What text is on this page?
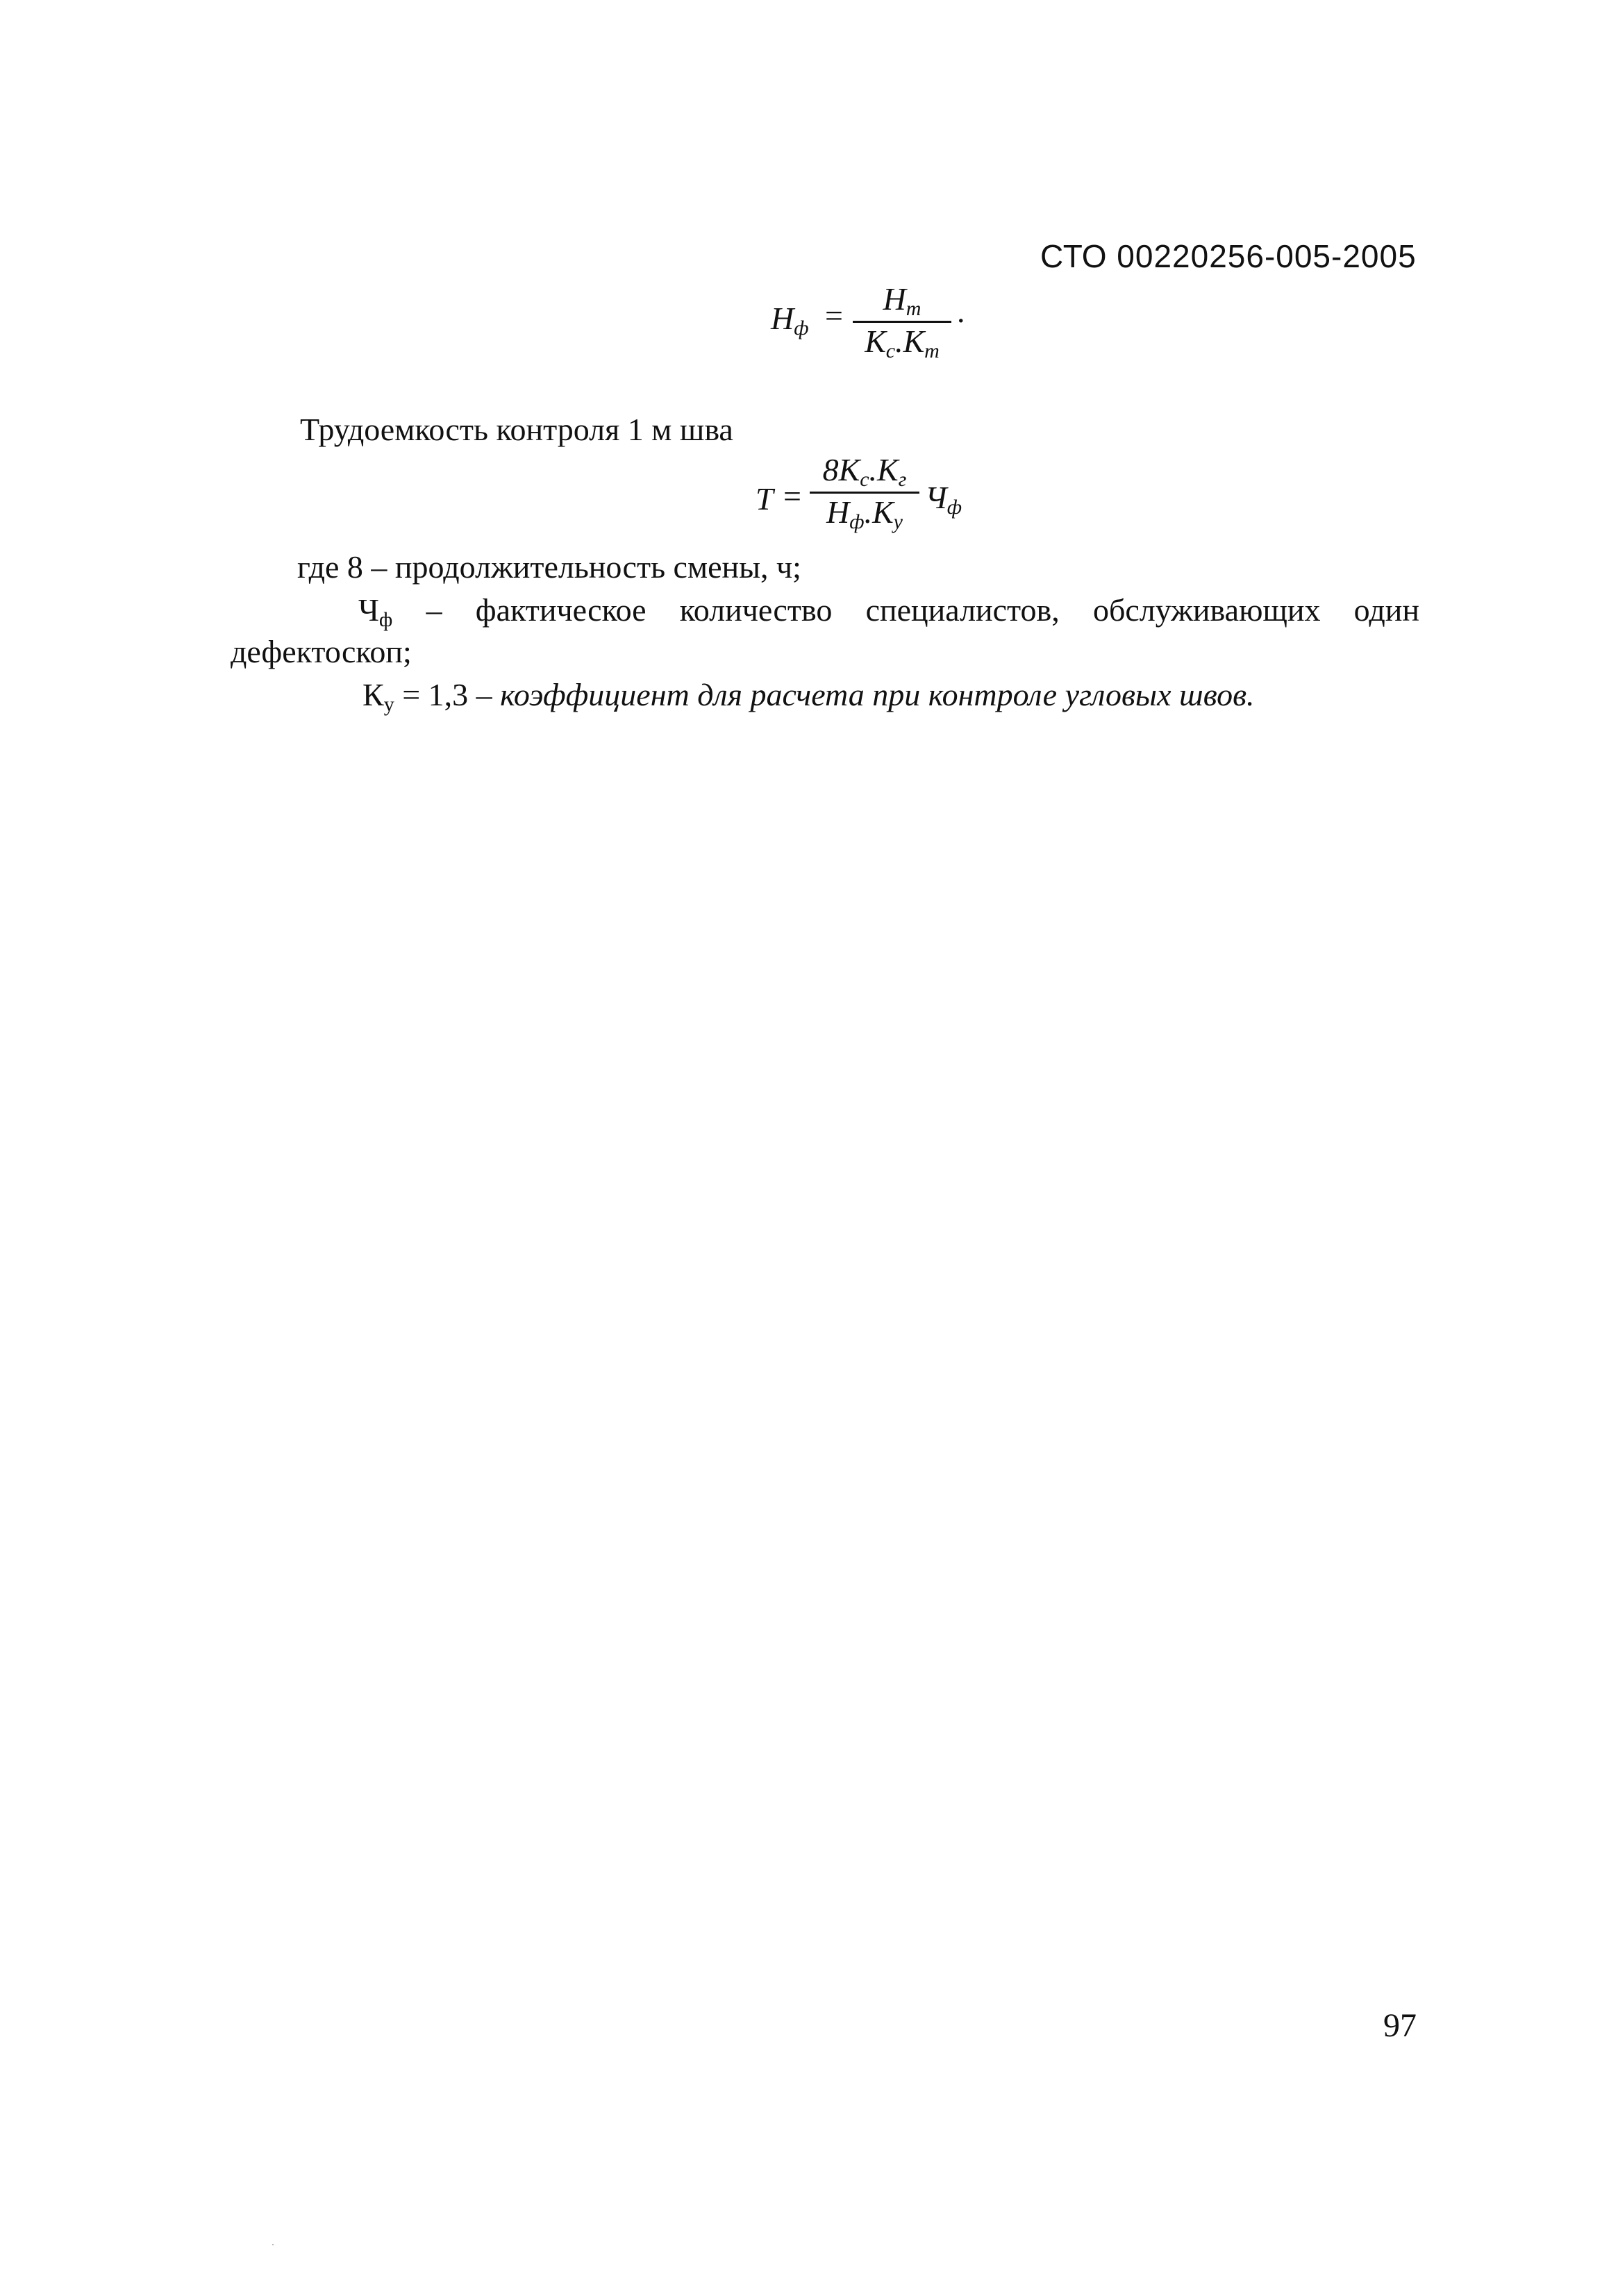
СТО 00220256-005-2005
$Н_ф$ =	$Н_т$
$К_с.К_т$
.
Трудоемкость контроля 1 м шва
Т =
$8К_с.К_г$
$Н_ф.К_у$
$Ч_ф$
где 8 – продолжительность смены, ч;
$Ч_ф$ – фактическое количество специалистов, обслуживающих один
дефектоскоп;
$К_у = 1,3$ – коэффициент для расчета при контроле угловых швов.
97
